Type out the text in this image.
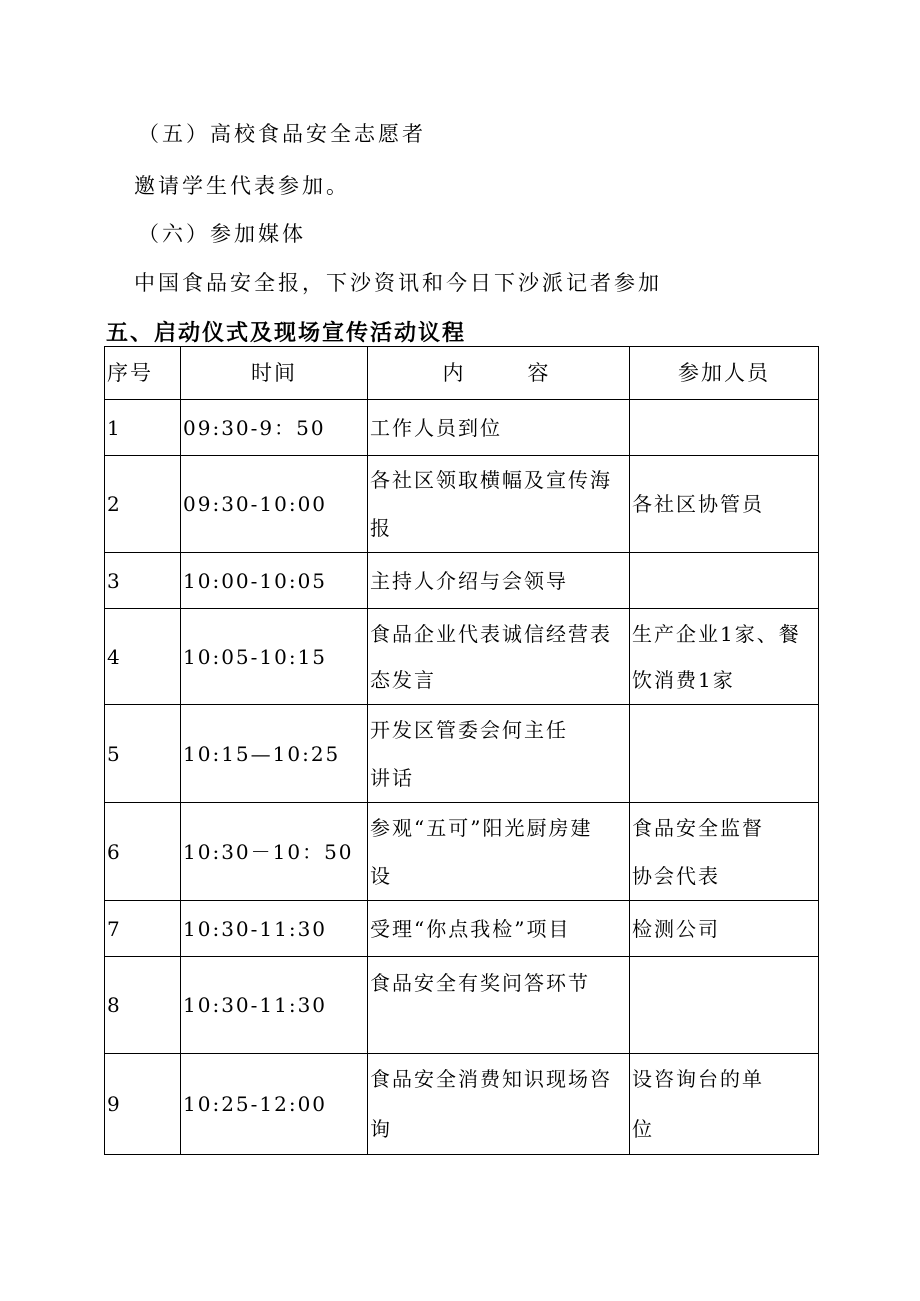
（五）高校食品安全志愿者
邀请学生代表参加。
（六）参加媒体
中国食品安全报，下沙资讯和今日下沙派记者参加
五、启动仪式及现场宣传活动议程
序号	时间	内容	参加人员
1	09:30-9：50	工作人员到位	
2	09:30-10:00	各社区领取横幅及宣传海报	各社区协管员
3	10:00-10:05	主持人介绍与会领导	
4	10:05-10:15	食品企业代表诚信经营表态发言	生产企业1家、餐饮消费1家
5	10:15—10:25	开发区管委会何主任讲话	
6	10:30－10：50	参观“五可”阳光厨房建设	食品安全监督协会代表
7	10:30-11:30	受理“你点我检”项目	检测公司
8	10:30-11:30	食品安全有奖问答环节	
9	10:25-12:00	食品安全消费知识现场咨询	设咨询台的单位
